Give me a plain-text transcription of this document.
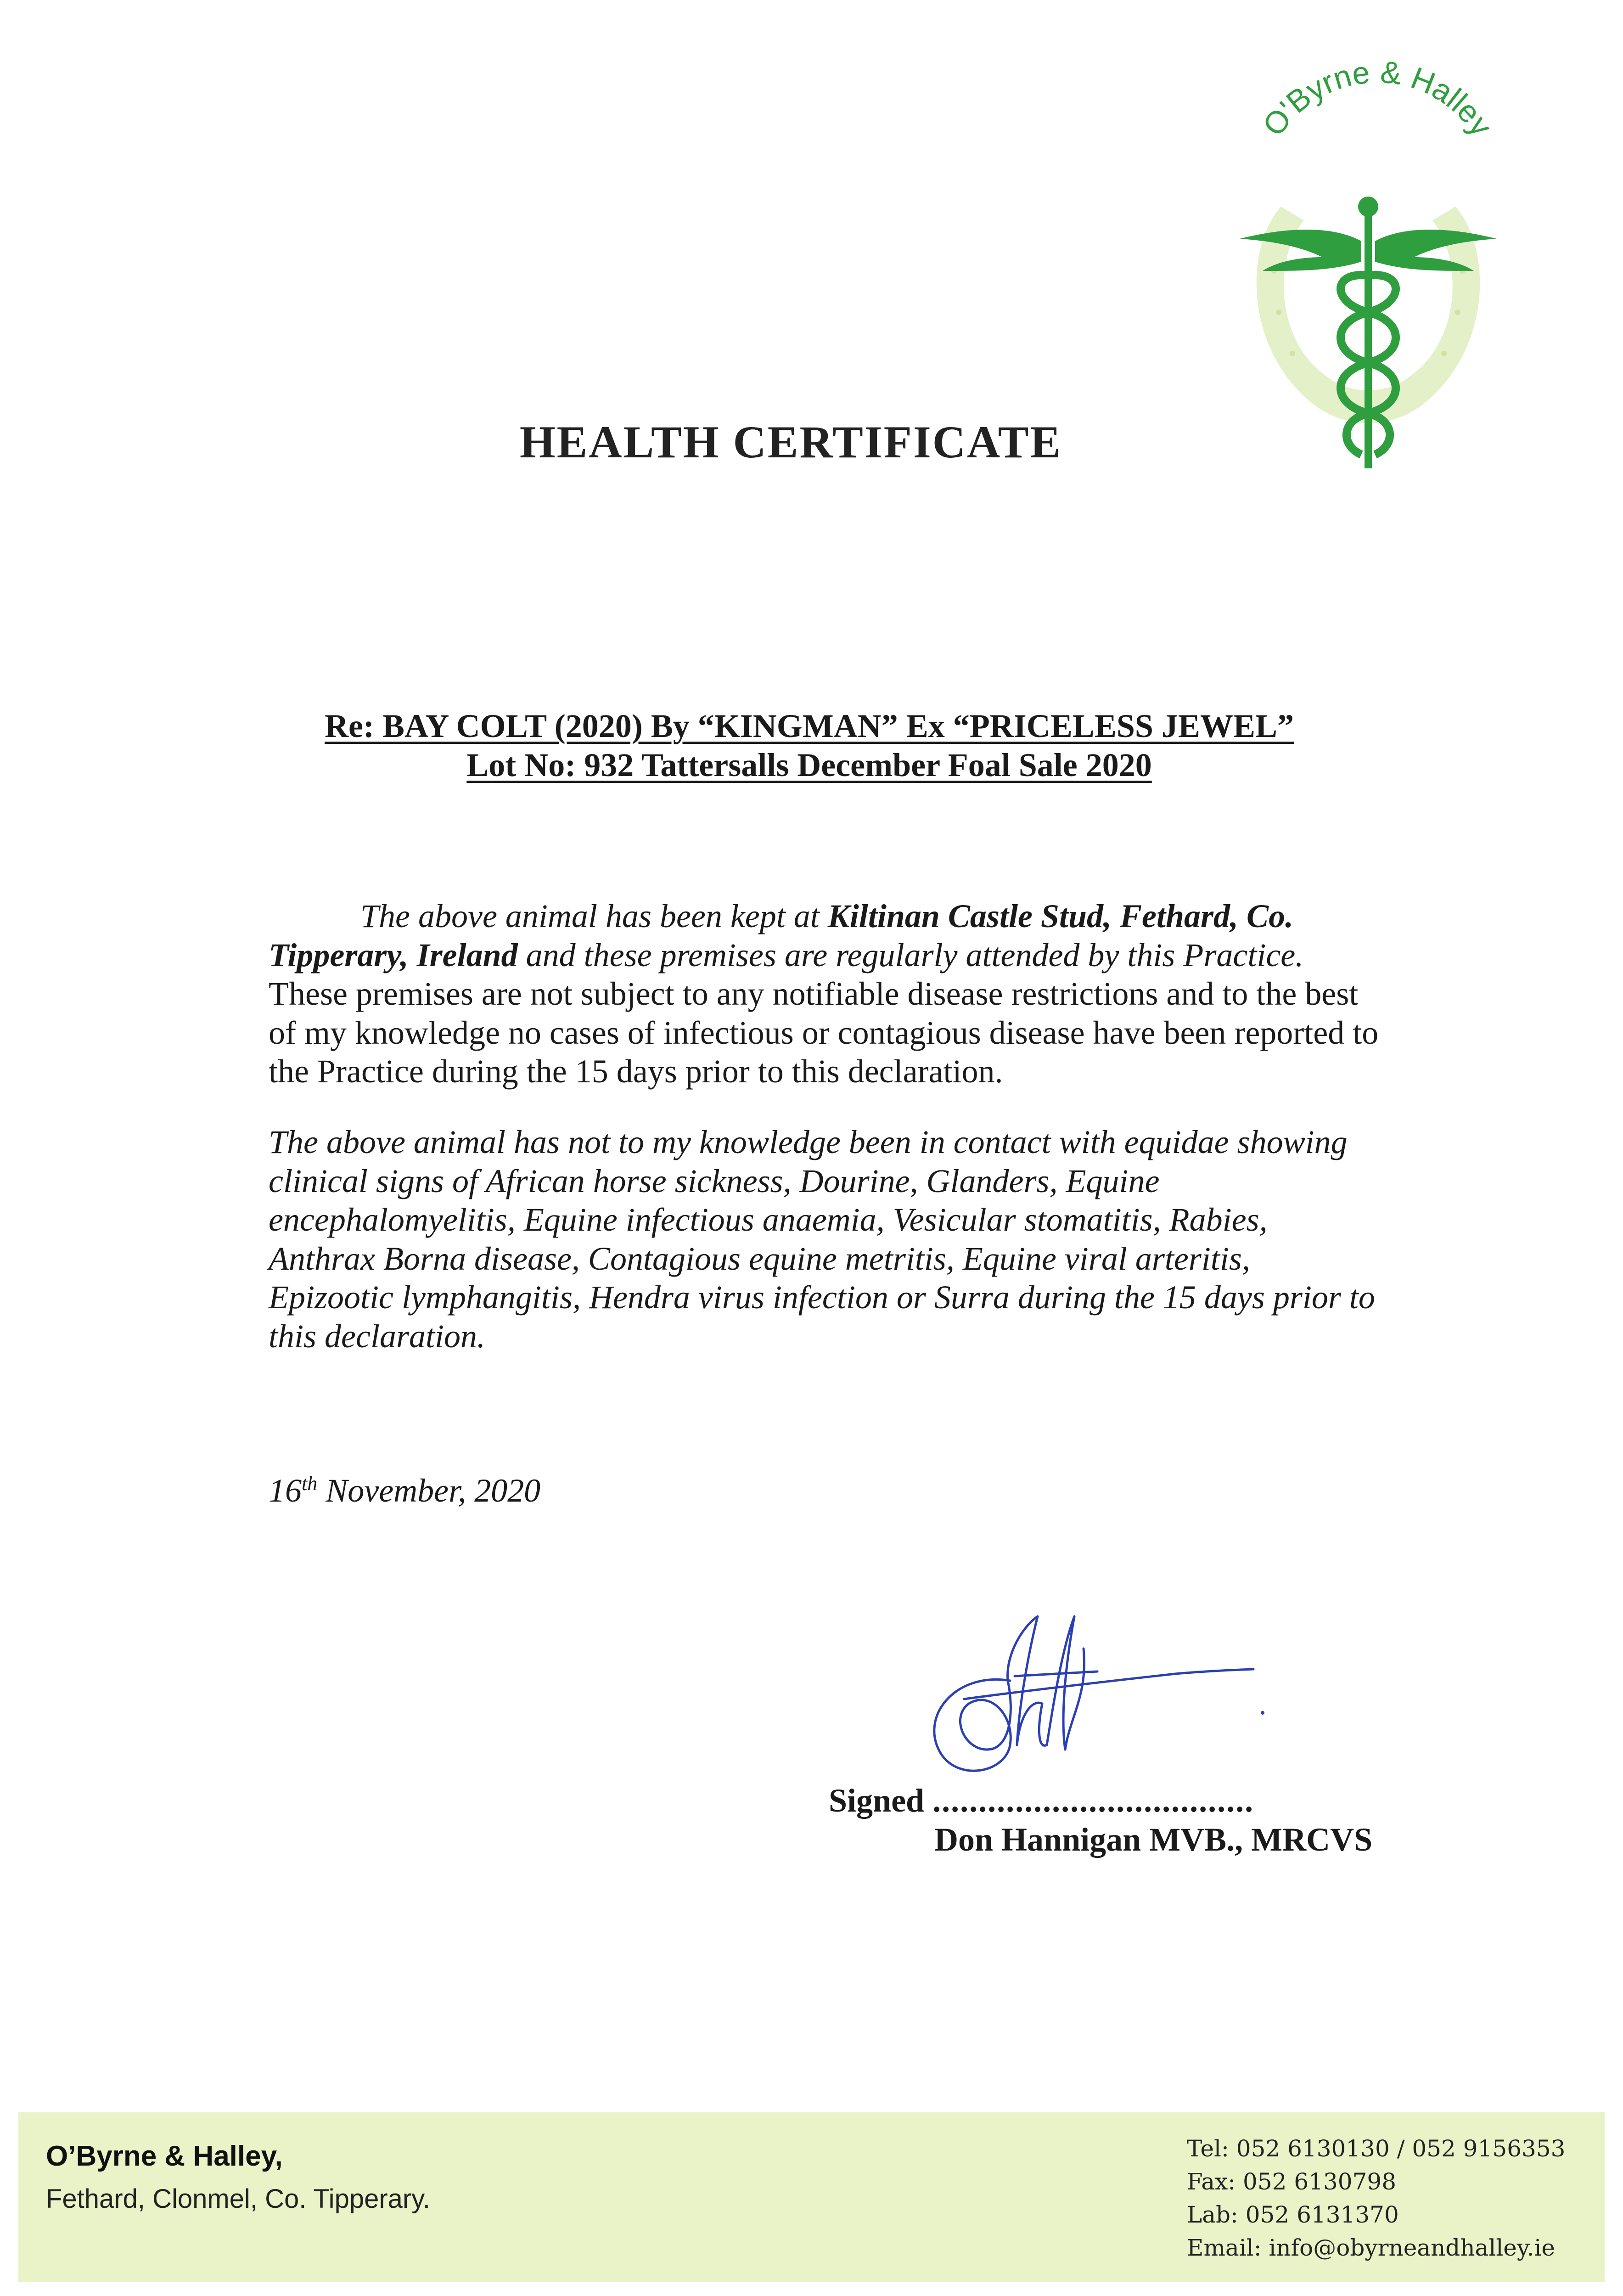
O'Byrne & Halley
HEALTH CERTIFICATE
Re: BAY COLT (2020) By “KINGMAN” Ex “PRICELESS JEWEL”
Lot No: 932 Tattersalls December Foal Sale 2020
The above animal has been kept at Kiltinan Castle Stud, Fethard, Co. Tipperary, Ireland and these premises are regularly attended by this Practice. These premises are not subject to any notifiable disease restrictions and to the best of my knowledge no cases of infectious or contagious disease have been reported to the Practice during the 15 days prior to this declaration.
The above animal has not to my knowledge been in contact with equidae showing clinical signs of African horse sickness, Dourine, Glanders, Equine encephalomyelitis, Equine infectious anaemia, Vesicular stomatitis, Rabies, Anthrax Borna disease, Contagious equine metritis, Equine viral arteritis, Epizootic lymphangitis, Hendra virus infection or Surra during the 15 days prior to this declaration.
16th November, 2020
Signed ...................................
Don Hannigan MVB., MRCVS
O’Byrne & Halley,
Fethard, Clonmel, Co. Tipperary.
Tel: 052 6130130 / 052 9156353
Fax: 052 6130798
Lab: 052 6131370
Email: info@obyrneandhalley.ie
